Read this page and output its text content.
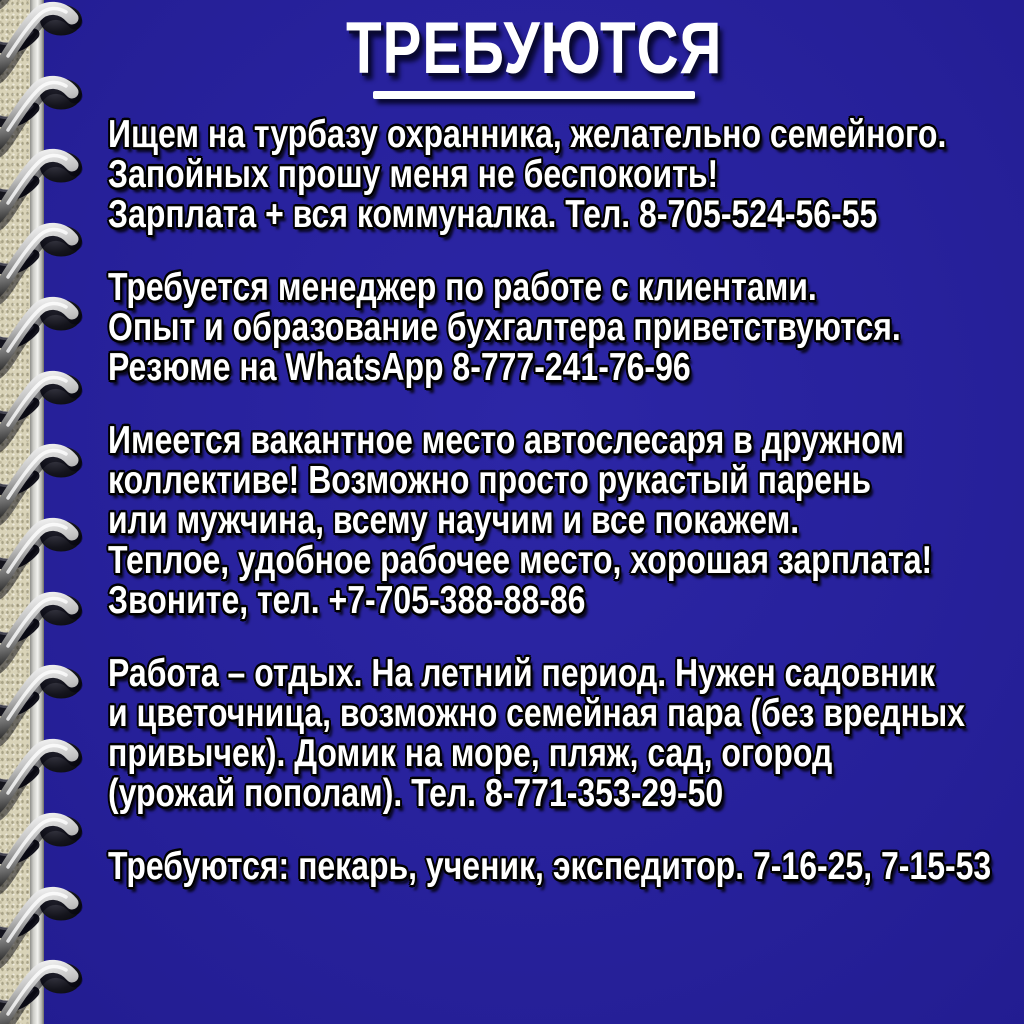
ТРЕБУЮТСЯ
Ищем на турбазу охранника, желательно семейного.
Запойных прошу меня не беспокоить!
Зарплата + вся коммуналка. Тел. 8-705-524-56-55
Требуется менеджер по работе с клиентами.
Опыт и образование бухгалтера приветствуются.
Резюме на WhatsApp 8-777-241-76-96
Имеется вакантное место автослесаря в дружном
коллективе! Возможно просто рукастый парень
или мужчина, всему научим и все покажем.
Теплое, удобное рабочее место, хорошая зарплата!
Звоните, тел. +7-705-388-88-86
Работа – отдых. На летний период. Нужен садовник
и цветочница, возможно семейная пара (без вредных
привычек). Домик на море, пляж, сад, огород
(урожай пополам). Тел. 8-771-353-29-50
Требуются: пекарь, ученик, экспедитор. 7-16-25, 7-15-53
